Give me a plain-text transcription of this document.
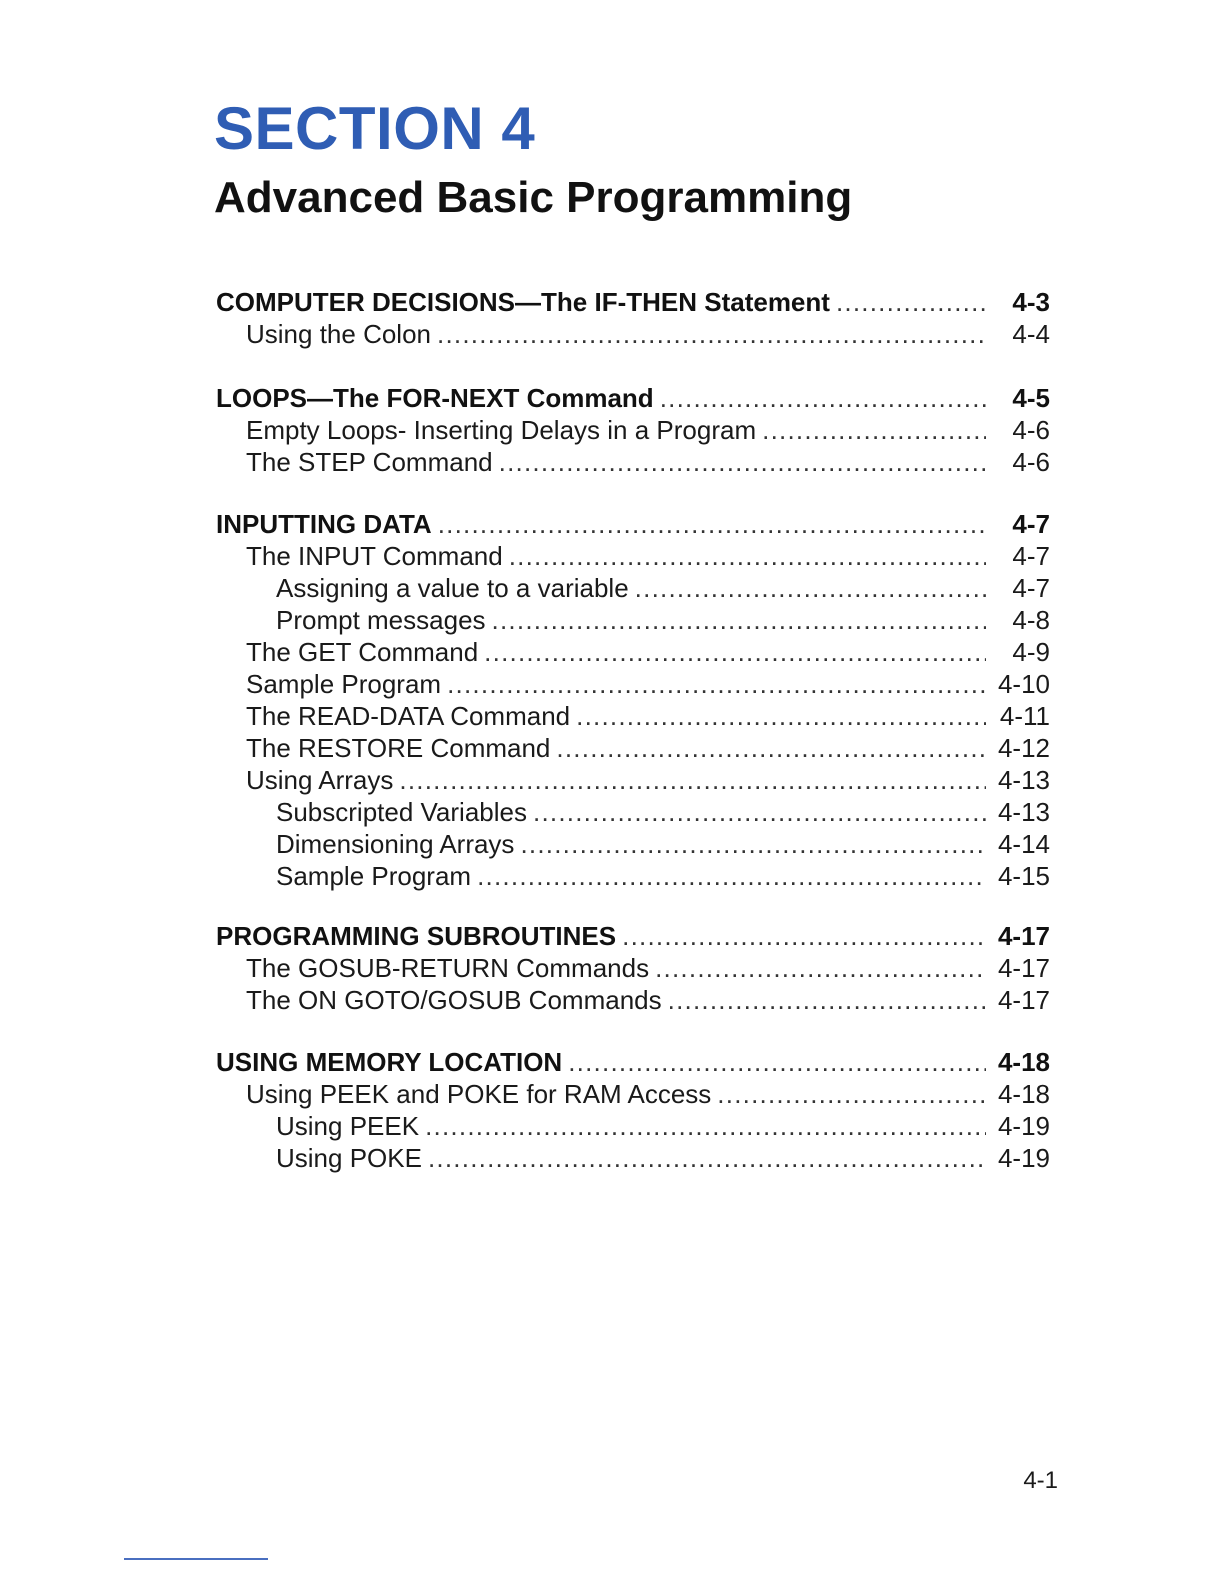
SECTION 4
Advanced Basic Programming
COMPUTER DECISIONS—The IF-THEN Statement . . .	4-3
Using the Colon . . .	4-4
LOOPS—The FOR-NEXT Command . . .	4-5
Empty Loops- Inserting Delays in a Program . . .	4-6
The STEP Command . . .	4-6
INPUTTING DATA . . .	4-7
The INPUT Command . . .	4-7
Assigning a value to a variable . . .	4-7
Prompt messages . . .	4-8
The GET Command . . .	4-9
Sample Program . . .	4-10
The READ-DATA Command . . .	4-11
The RESTORE Command . . .	4-12
Using Arrays . . .	4-13
Subscripted Variables . . .	4-13
Dimensioning Arrays . . .	4-14
Sample Program . . .	4-15
PROGRAMMING SUBROUTINES . . .	4-17
The GOSUB-RETURN Commands . . .	4-17
The ON GOTO/GOSUB Commands . . .	4-17
USING MEMORY LOCATION . . .	4-18
Using PEEK and POKE for RAM Access . . .	4-18
Using PEEK . . .	4-19
Using POKE . . .	4-19
4-1
